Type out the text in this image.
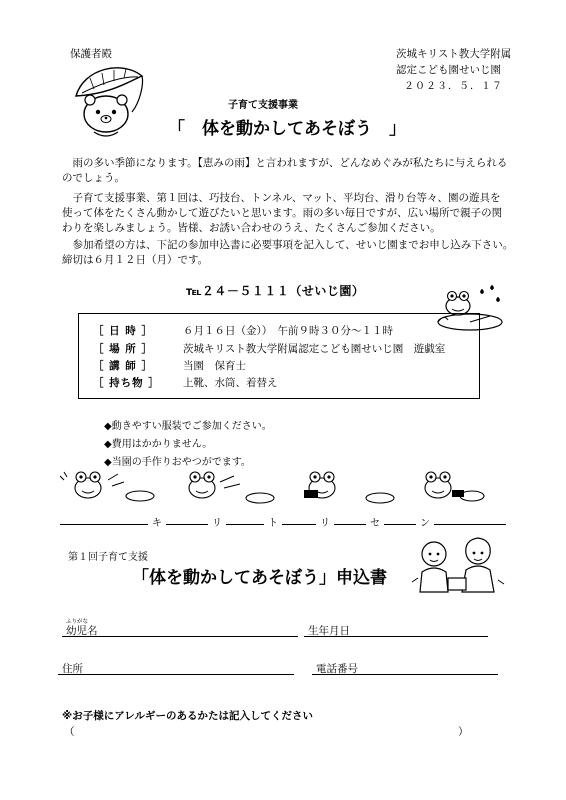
保護者殿	茨城キリスト教大学附属
認定こども園せいじ園
２０２３．５．１７
子育て支援事業
「　体を動かしてあそぼう　」
　雨の多い季節になります。【恵みの雨】と言われますが、どんなめぐみが私たちに与えられる
のでしょう。
　子育て支援事業、第１回は、巧技台、トンネル、マット、平均台、滑り台等々、園の遊具を
使って体をたくさん動かして遊びたいと思います。雨の多い毎日ですが、広い場所で親子の関
わりを楽しみましょう。皆様、お誘い合わせのうえ、たくさんご参加ください。
　参加希望の方は、下記の参加申込書に必要事項を記入して、せいじ園までお申し込み下さい。
締切は６月１２日（月）です。
℡２４－５１１１（せいじ園）
［ 日 時 ］	６月１６日（金））　午前９時３０分～１１時
［ 場 所 ］	茨城キリスト教大学附属認定こども園せいじ園　遊戯室
［ 講 師 ］	当園　保育士
［ 持ち物 ］ 上靴、水筒、着替え
◆動きやすい服装でご参加ください。
◆費用はかかりません。
◆当園の手作りおやつがでます。
キ	リ	ト	リ	セ	ン
第１回子育て支援
「体を動かしてあそぼう」申込書
ふりがな
幼児名	生年月日
住所	電話番号
※お子様にアレルギーのあるかたは記入してください
（	）
